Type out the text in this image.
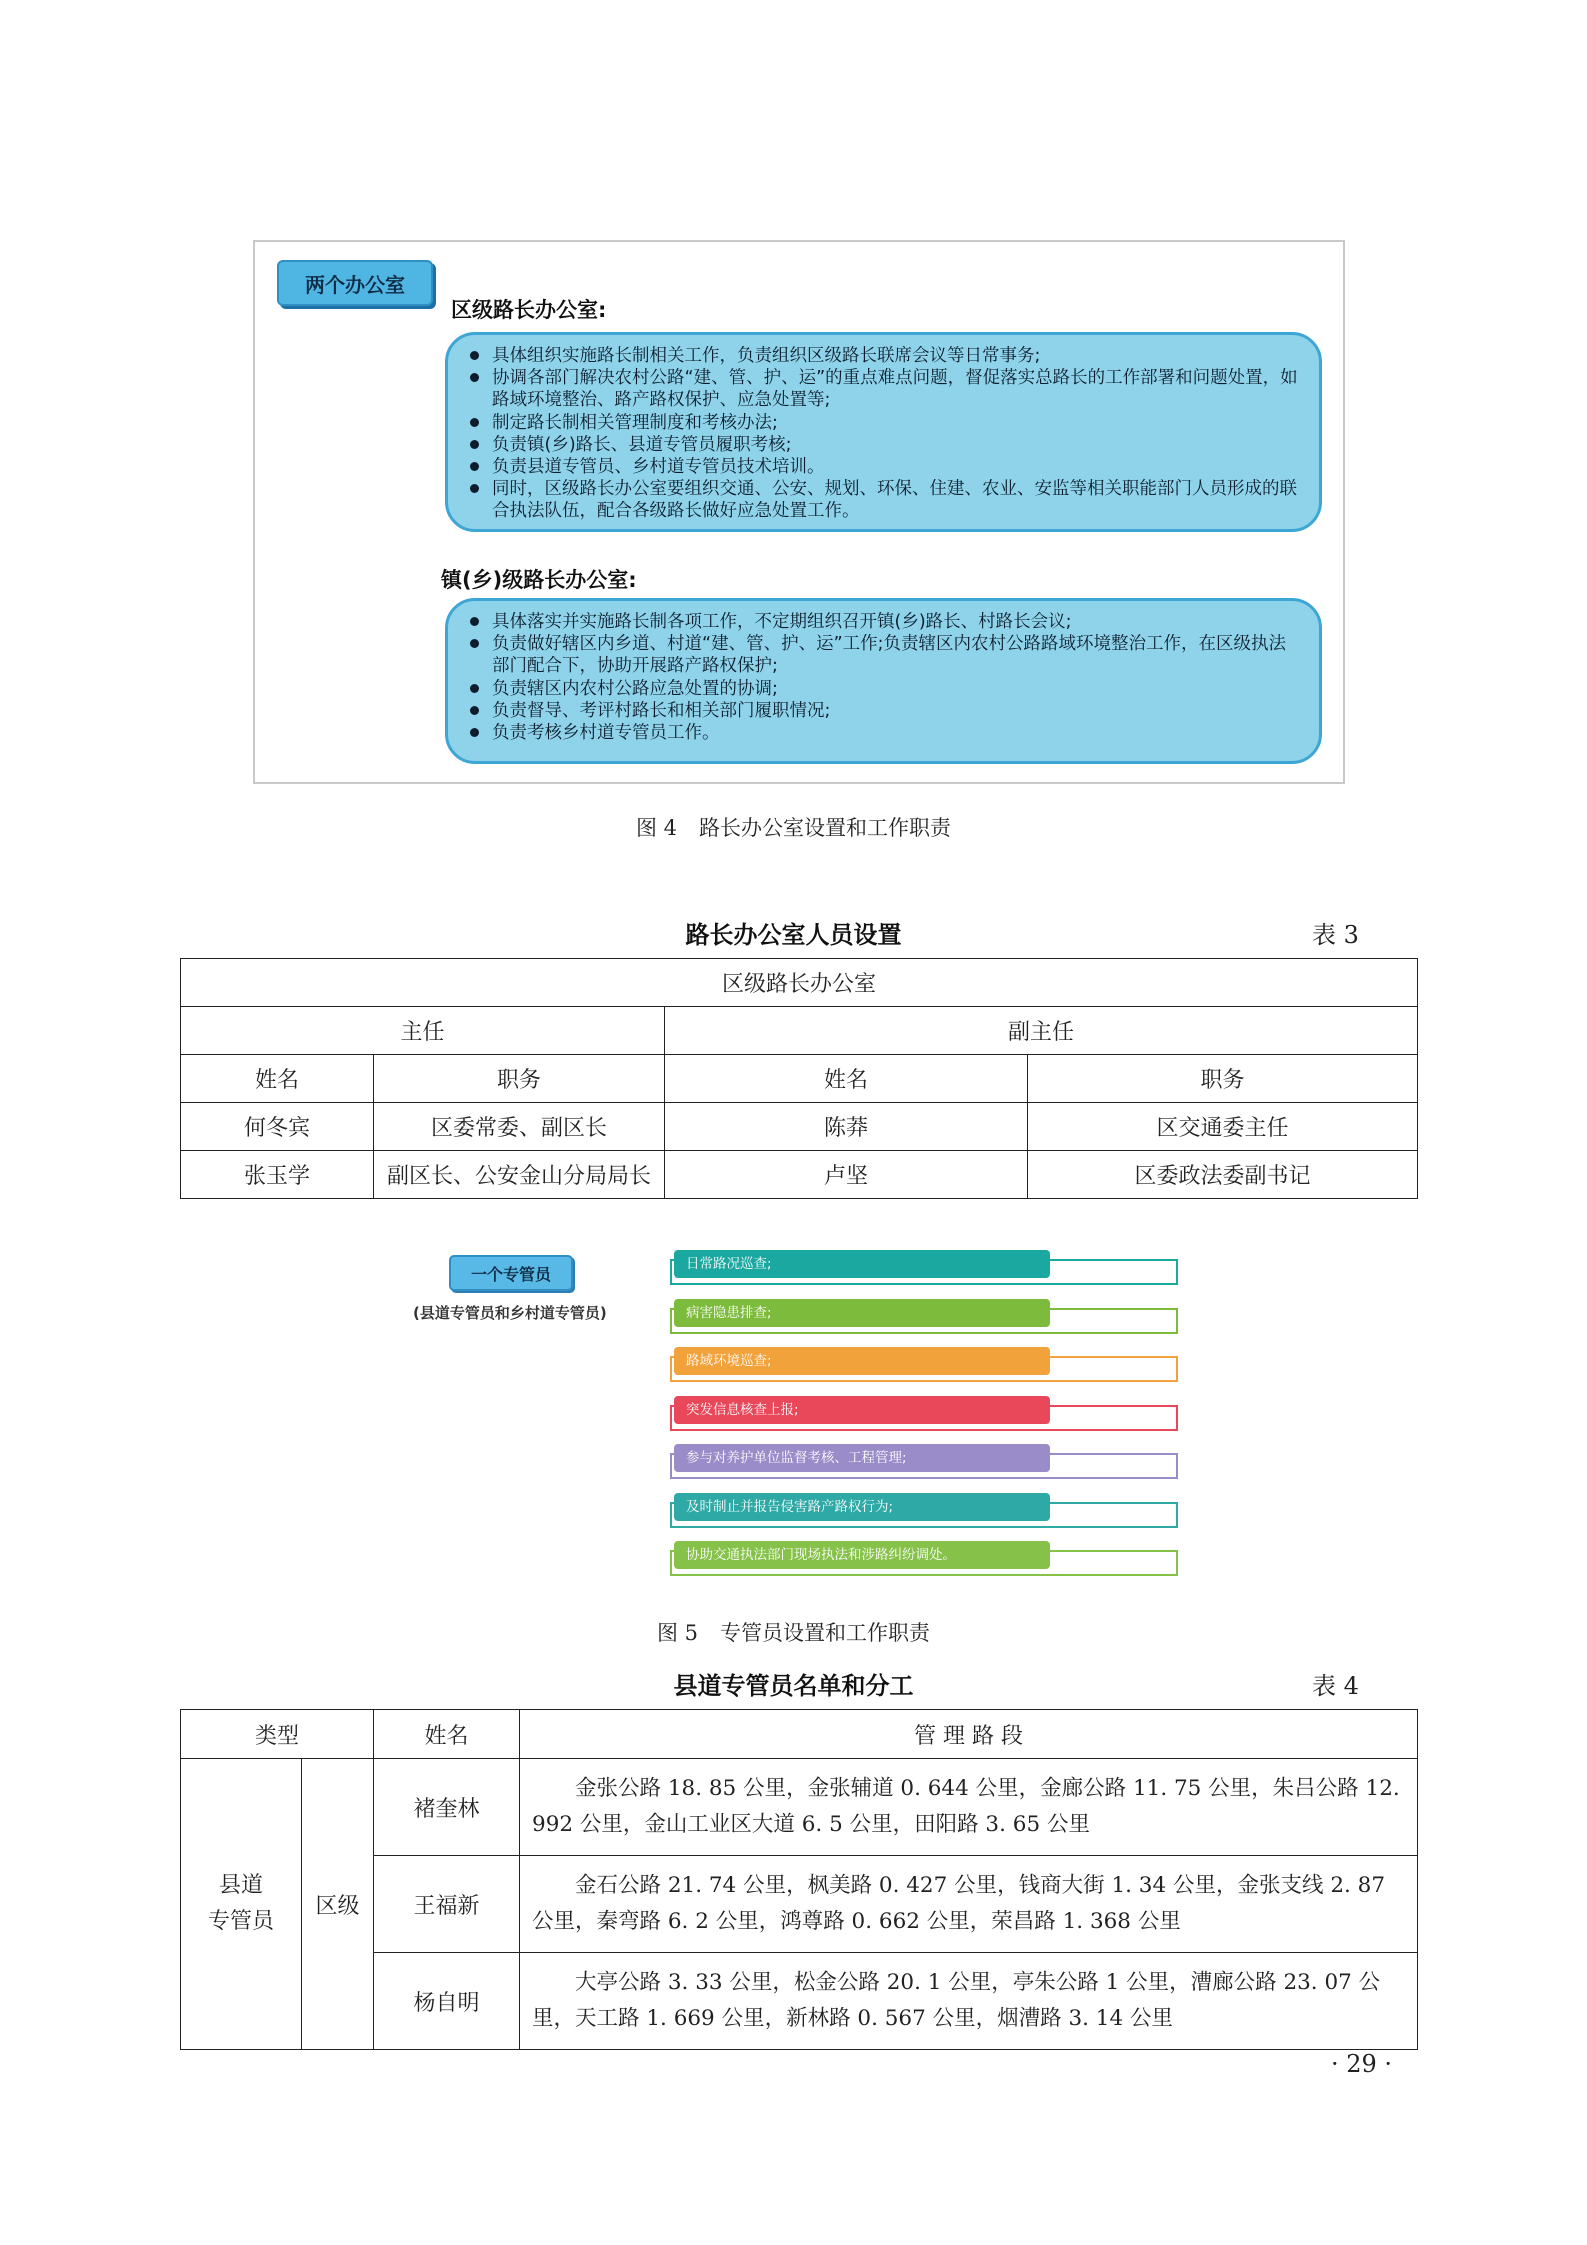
两个办公室
区级路长办公室:
具体组织实施路长制相关工作，负责组织区级路长联席会议等日常事务;
协调各部门解决农村公路“建、管、护、运”的重点难点问题，督促落实总路长的工作部署和问题处置，如路域环境整治、路产路权保护、应急处置等;
制定路长制相关管理制度和考核办法;
负责镇(乡)路长、县道专管员履职考核;
负责县道专管员、乡村道专管员技术培训。
同时，区级路长办公室要组织交通、公安、规划、环保、住建、农业、安监等相关职能部门人员形成的联合执法队伍，配合各级路长做好应急处置工作。
镇(乡)级路长办公室:
具体落实并实施路长制各项工作，不定期组织召开镇(乡)路长、村路长会议;
负责做好辖区内乡道、村道“建、管、护、运”工作;负责辖区内农村公路路域环境整治工作，在区级执法部门配合下，协助开展路产路权保护;
负责辖区内农村公路应急处置的协调;
负责督导、考评村路长和相关部门履职情况;
负责考核乡村道专管员工作。
图 4 路长办公室设置和工作职责
路长办公室人员设置	表 3
区级路长办公室			
主任		副主任	
姓名	职务	姓名	职务
何冬宾	区委常委、副区长	陈莽	区交通委主任
张玉学	副区长、公安金山分局局长	卢坚	区委政法委副书记
一个专管员
(县道专管员和乡村道专管员)
日常路况巡查;
病害隐患排查;
路域环境巡查;
突发信息核查上报;
参与对养护单位监督考核、工程管理;
及时制止并报告侵害路产路权行为;
协助交通执法部门现场执法和涉路纠纷调处。
图 5 专管员设置和工作职责
县道专管员名单和分工	表 4
类型		姓名	管 理 路 段

县道
专管员	区级	褚奎林	金张公路 18. 85 公里，金张辅道 0. 644 公里，金廊公路 11. 75 公里，朱吕公路 12. 992 公里，金山工业区大道 6. 5 公里，田阳路 3. 65 公里

		王福新	金石公路 21. 74 公里，枫美路 0. 427 公里，钱商大街 1. 34 公里，金张支线 2. 87 公里，秦弯路 6. 2 公里，鸿尊路 0. 662 公里，荣昌路 1. 368 公里

		杨自明	大亭公路 3. 33 公里，松金公路 20. 1 公里，亭朱公路 1 公里，漕廊公路 23. 07 公里，天工路 1. 669 公里，新林路 0. 567 公里，烟漕路 3. 14 公里
· 29 ·
